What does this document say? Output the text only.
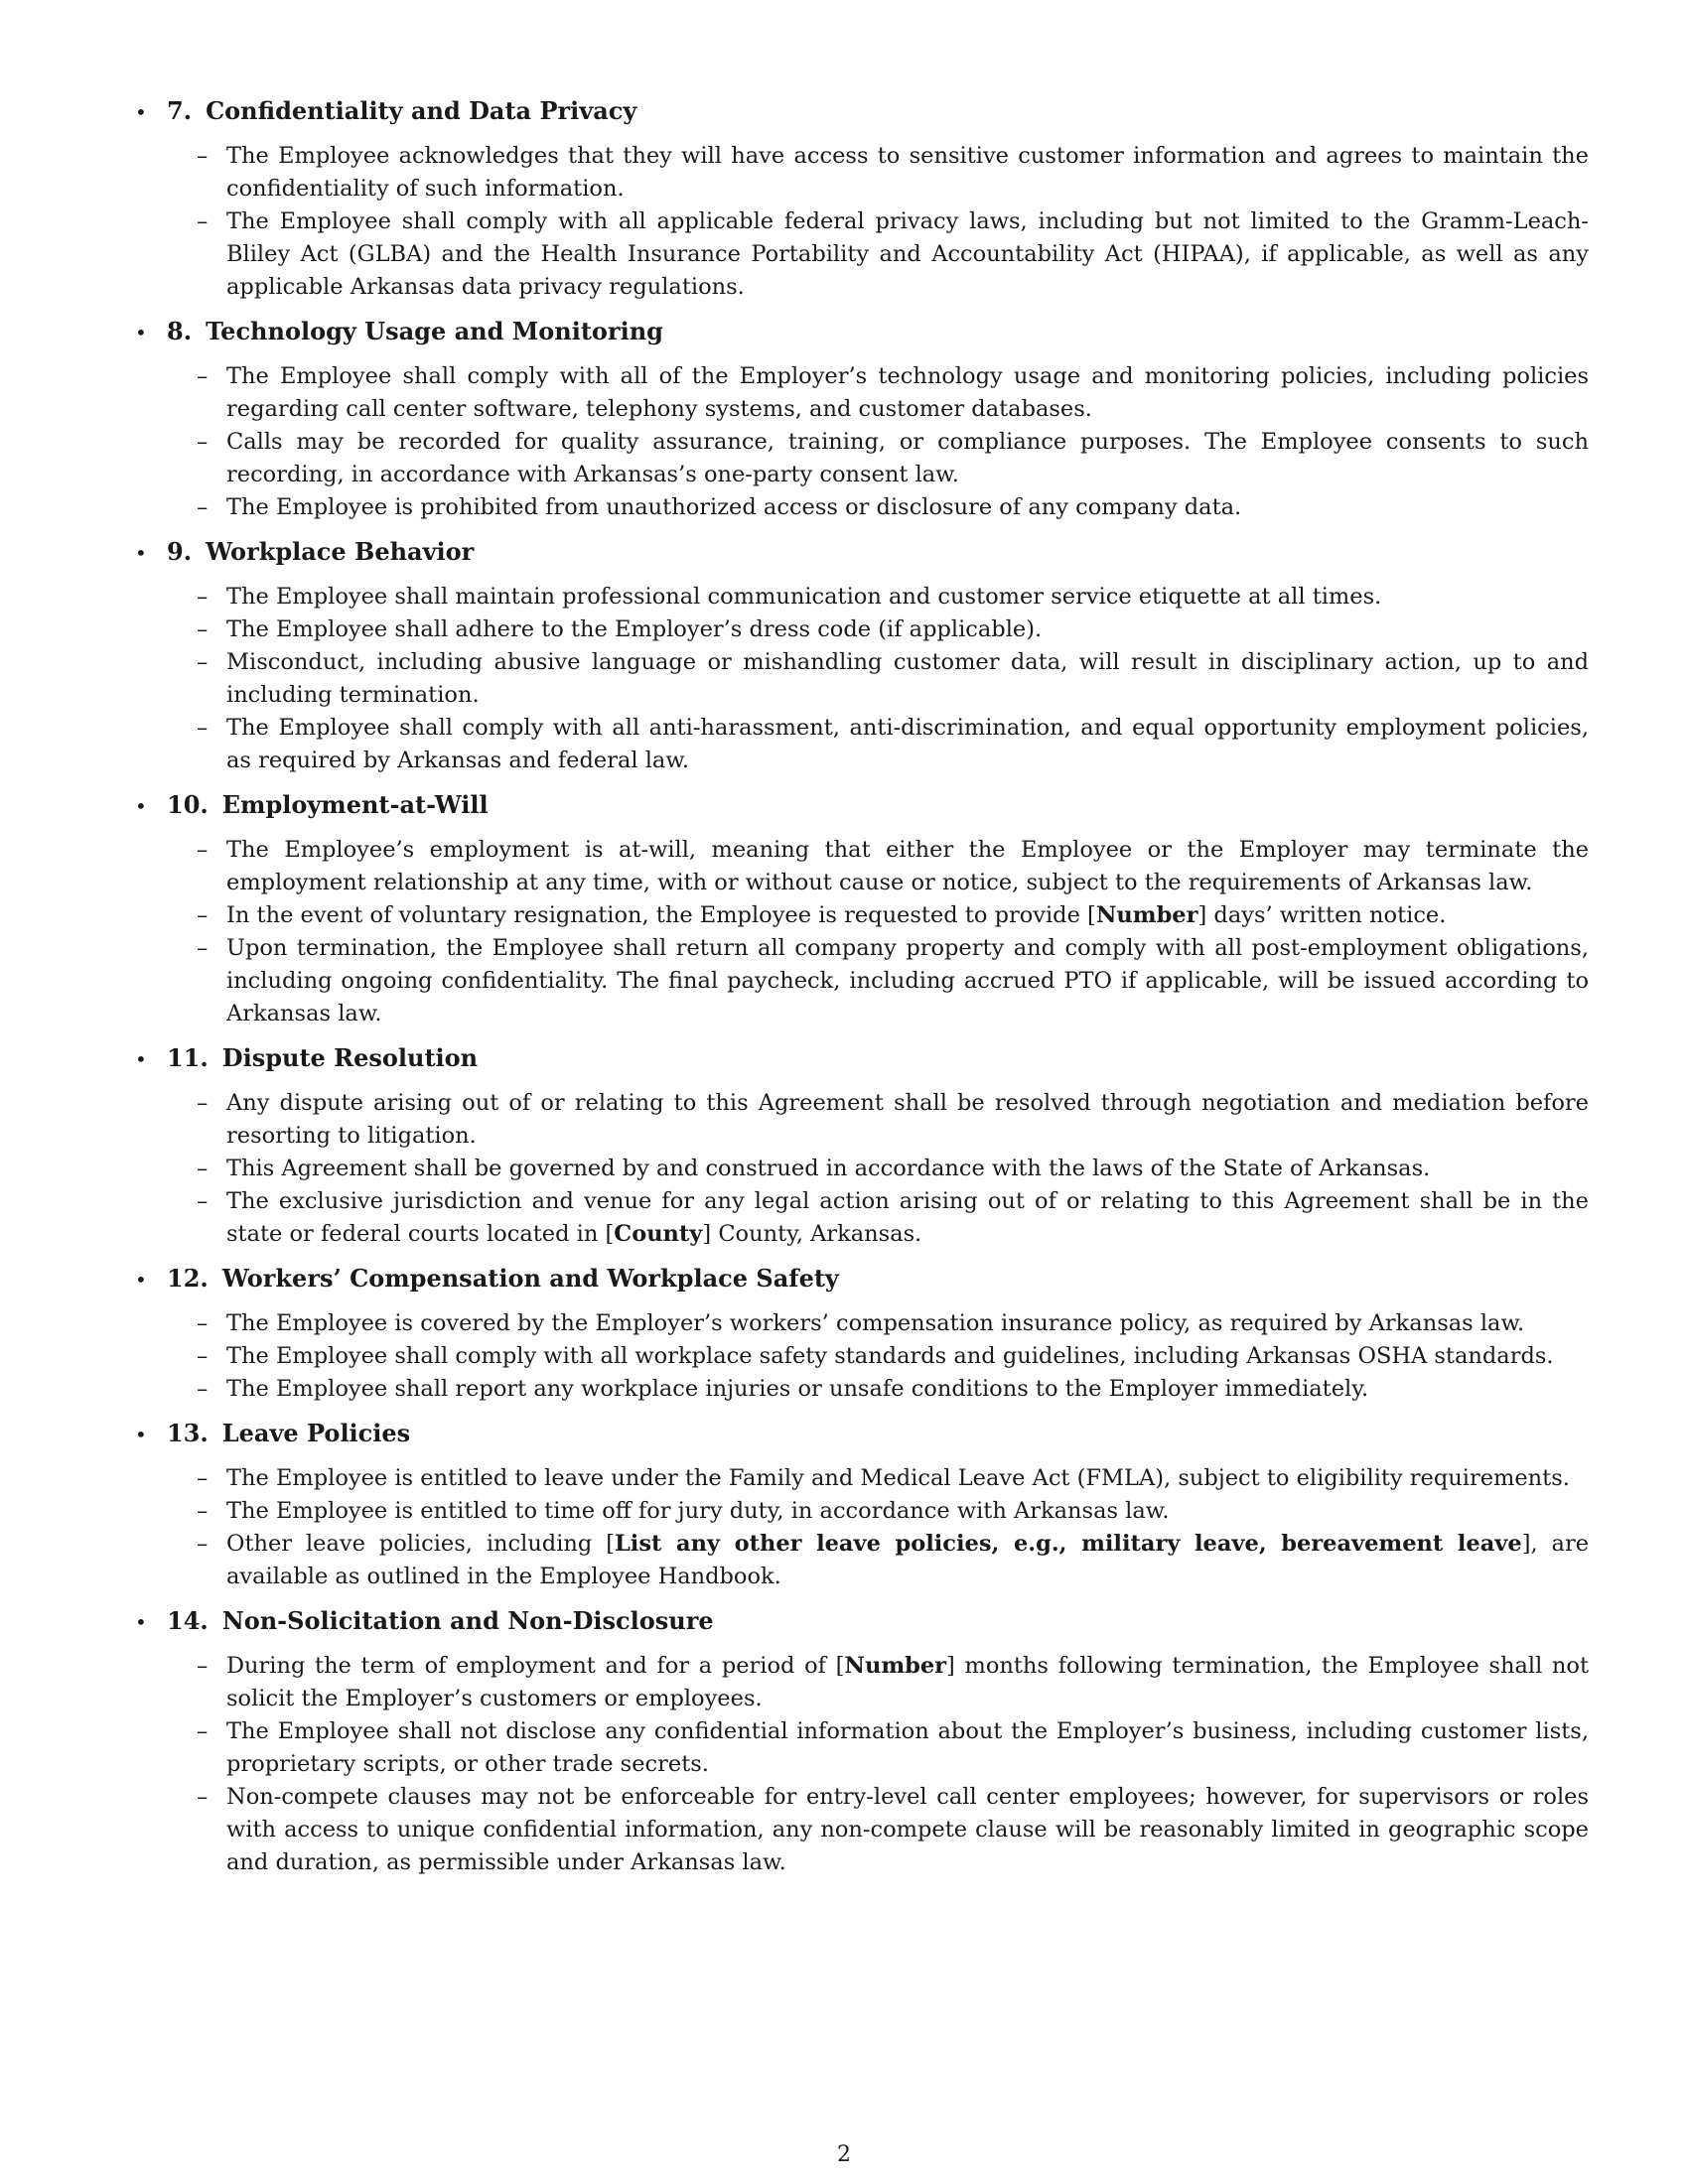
• 7. Confidentiality and Data Privacy
– The Employee acknowledges that they will have access to sensitive customer information and agrees to maintain the confidentiality of such information.
– The Employee shall comply with all applicable federal privacy laws, including but not limited to the Gramm-Leach-Bliley Act (GLBA) and the Health Insurance Portability and Accountability Act (HIPAA), if applicable, as well as any applicable Arkansas data privacy regulations.
• 8. Technology Usage and Monitoring
– The Employee shall comply with all of the Employer’s technology usage and monitoring policies, including policies regarding call center software, telephony systems, and customer databases.
– Calls may be recorded for quality assurance, training, or compliance purposes. The Employee consents to such recording, in accordance with Arkansas’s one-party consent law.
– The Employee is prohibited from unauthorized access or disclosure of any company data.
• 9. Workplace Behavior
– The Employee shall maintain professional communication and customer service etiquette at all times.
– The Employee shall adhere to the Employer’s dress code (if applicable).
– Misconduct, including abusive language or mishandling customer data, will result in disciplinary action, up to and including termination.
– The Employee shall comply with all anti-harassment, anti-discrimination, and equal opportunity employment policies, as required by Arkansas and federal law.
• 10. Employment-at-Will
– The Employee’s employment is at-will, meaning that either the Employee or the Employer may terminate the employment relationship at any time, with or without cause or notice, subject to the requirements of Arkansas law.
– In the event of voluntary resignation, the Employee is requested to provide [Number] days’ written notice.
– Upon termination, the Employee shall return all company property and comply with all post-employment obligations, including ongoing confidentiality. The final paycheck, including accrued PTO if applicable, will be issued according to Arkansas law.
• 11. Dispute Resolution
– Any dispute arising out of or relating to this Agreement shall be resolved through negotiation and mediation before resorting to litigation.
– This Agreement shall be governed by and construed in accordance with the laws of the State of Arkansas.
– The exclusive jurisdiction and venue for any legal action arising out of or relating to this Agreement shall be in the state or federal courts located in [County] County, Arkansas.
• 12. Workers’ Compensation and Workplace Safety
– The Employee is covered by the Employer’s workers’ compensation insurance policy, as required by Arkansas law.
– The Employee shall comply with all workplace safety standards and guidelines, including Arkansas OSHA standards.
– The Employee shall report any workplace injuries or unsafe conditions to the Employer immediately.
• 13. Leave Policies
– The Employee is entitled to leave under the Family and Medical Leave Act (FMLA), subject to eligibility requirements.
– The Employee is entitled to time off for jury duty, in accordance with Arkansas law.
– Other leave policies, including [List any other leave policies, e.g., military leave, bereavement leave], are available as outlined in the Employee Handbook.
• 14. Non-Solicitation and Non-Disclosure
– During the term of employment and for a period of [Number] months following termination, the Employee shall not solicit the Employer’s customers or employees.
– The Employee shall not disclose any confidential information about the Employer’s business, including customer lists, proprietary scripts, or other trade secrets.
– Non-compete clauses may not be enforceable for entry-level call center employees; however, for supervisors or roles with access to unique confidential information, any non-compete clause will be reasonably limited in geographic scope and duration, as permissible under Arkansas law.
2
